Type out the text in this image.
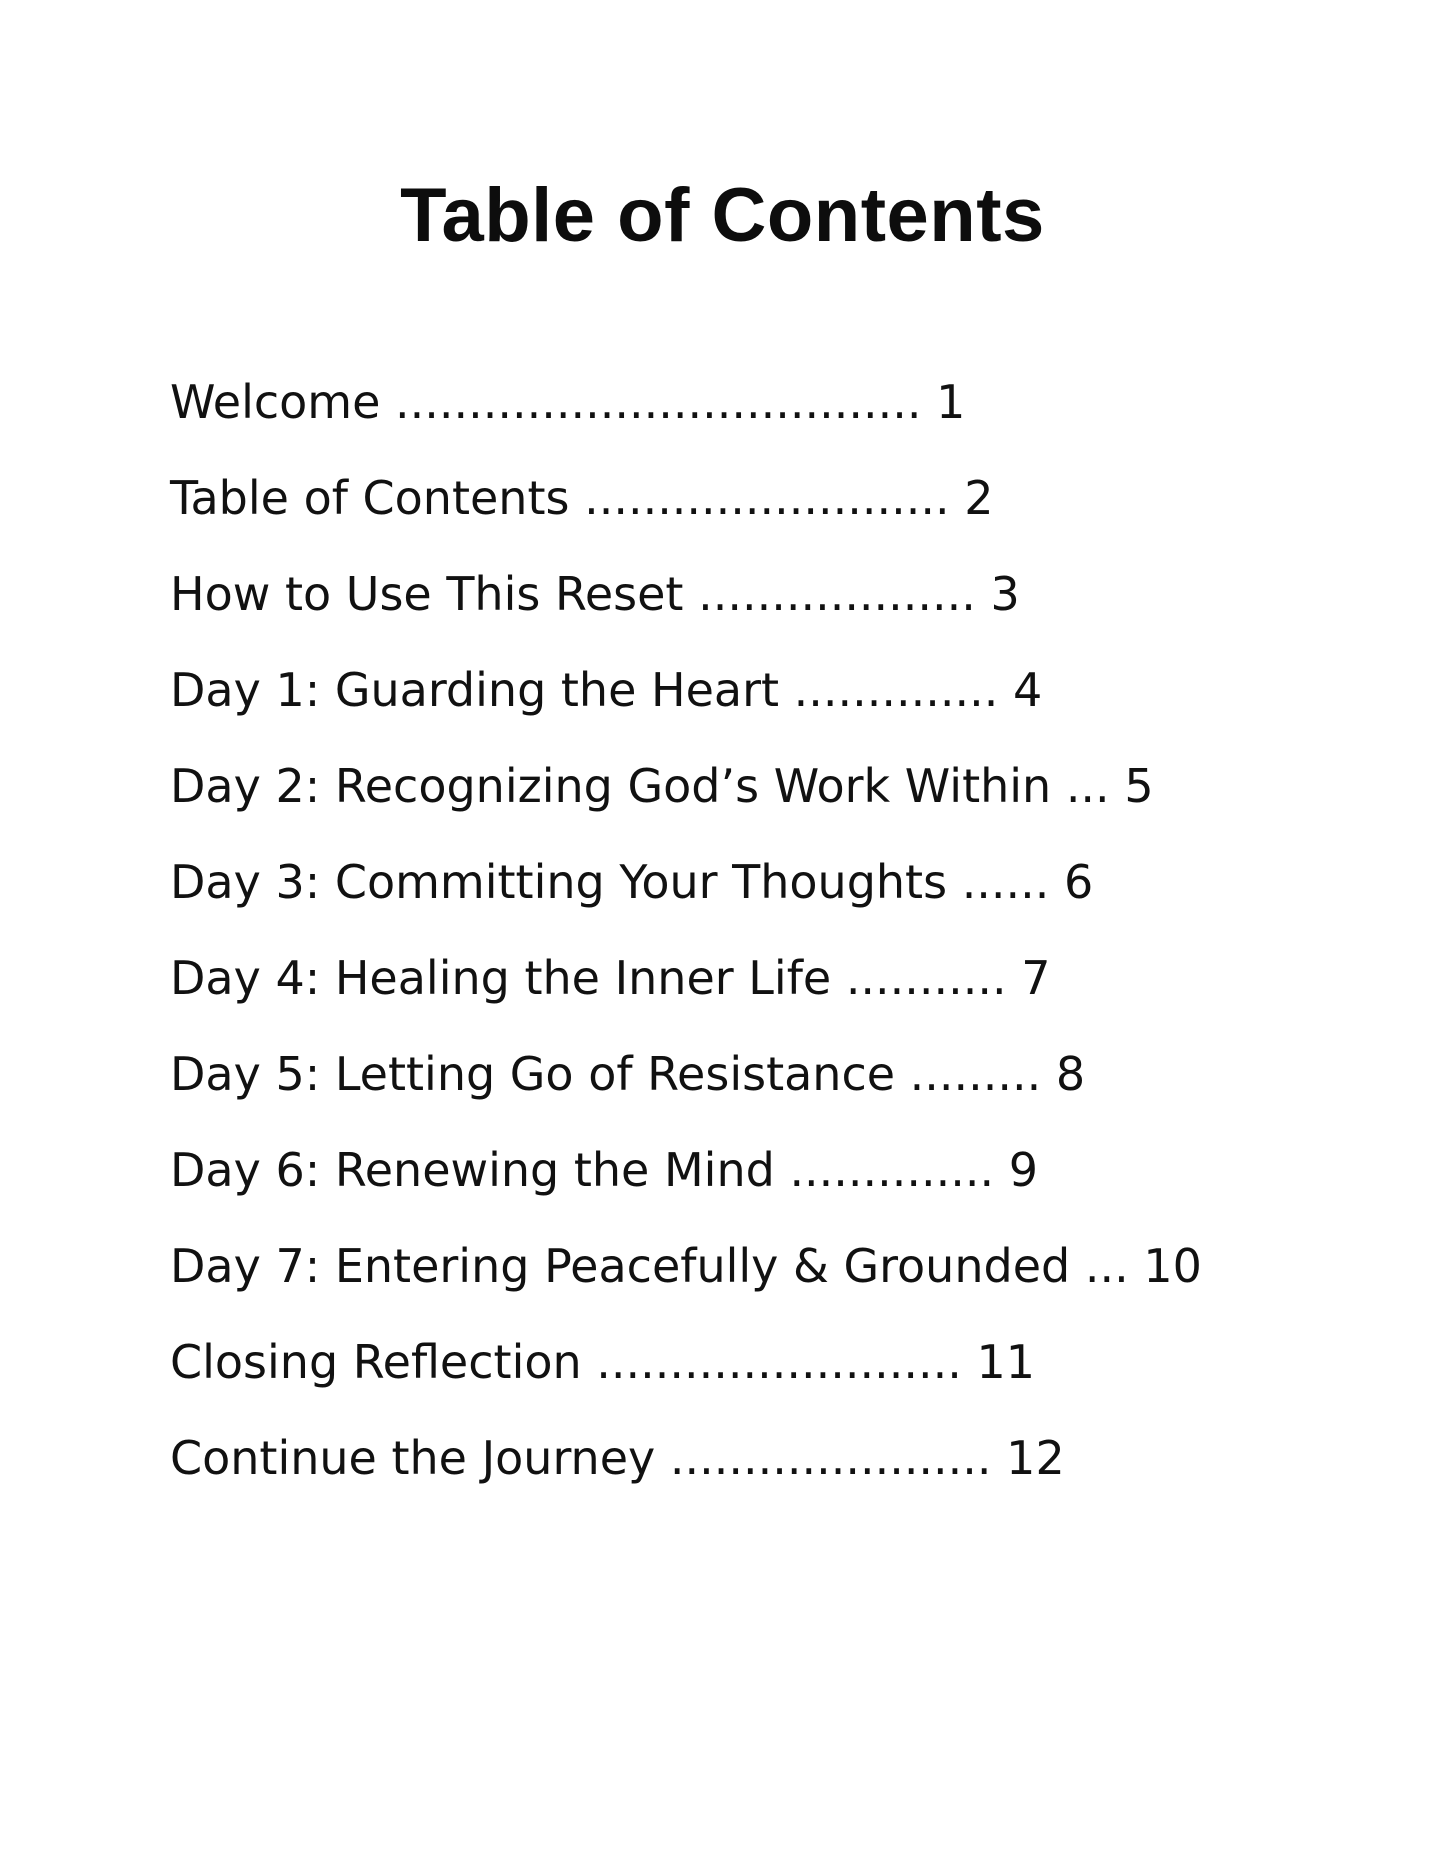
Table of Contents
Welcome .................................... 1
Table of Contents ......................... 2
How to Use This Reset ................... 3
Day 1: Guarding the Heart .............. 4
Day 2: Recognizing God’s Work Within ... 5
Day 3: Committing Your Thoughts ...... 6
Day 4: Healing the Inner Life ........... 7
Day 5: Letting Go of Resistance ......... 8
Day 6: Renewing the Mind .............. 9
Day 7: Entering Peacefully & Grounded ... 10
Closing Reflection ......................... 11
Continue the Journey ...................... 12
